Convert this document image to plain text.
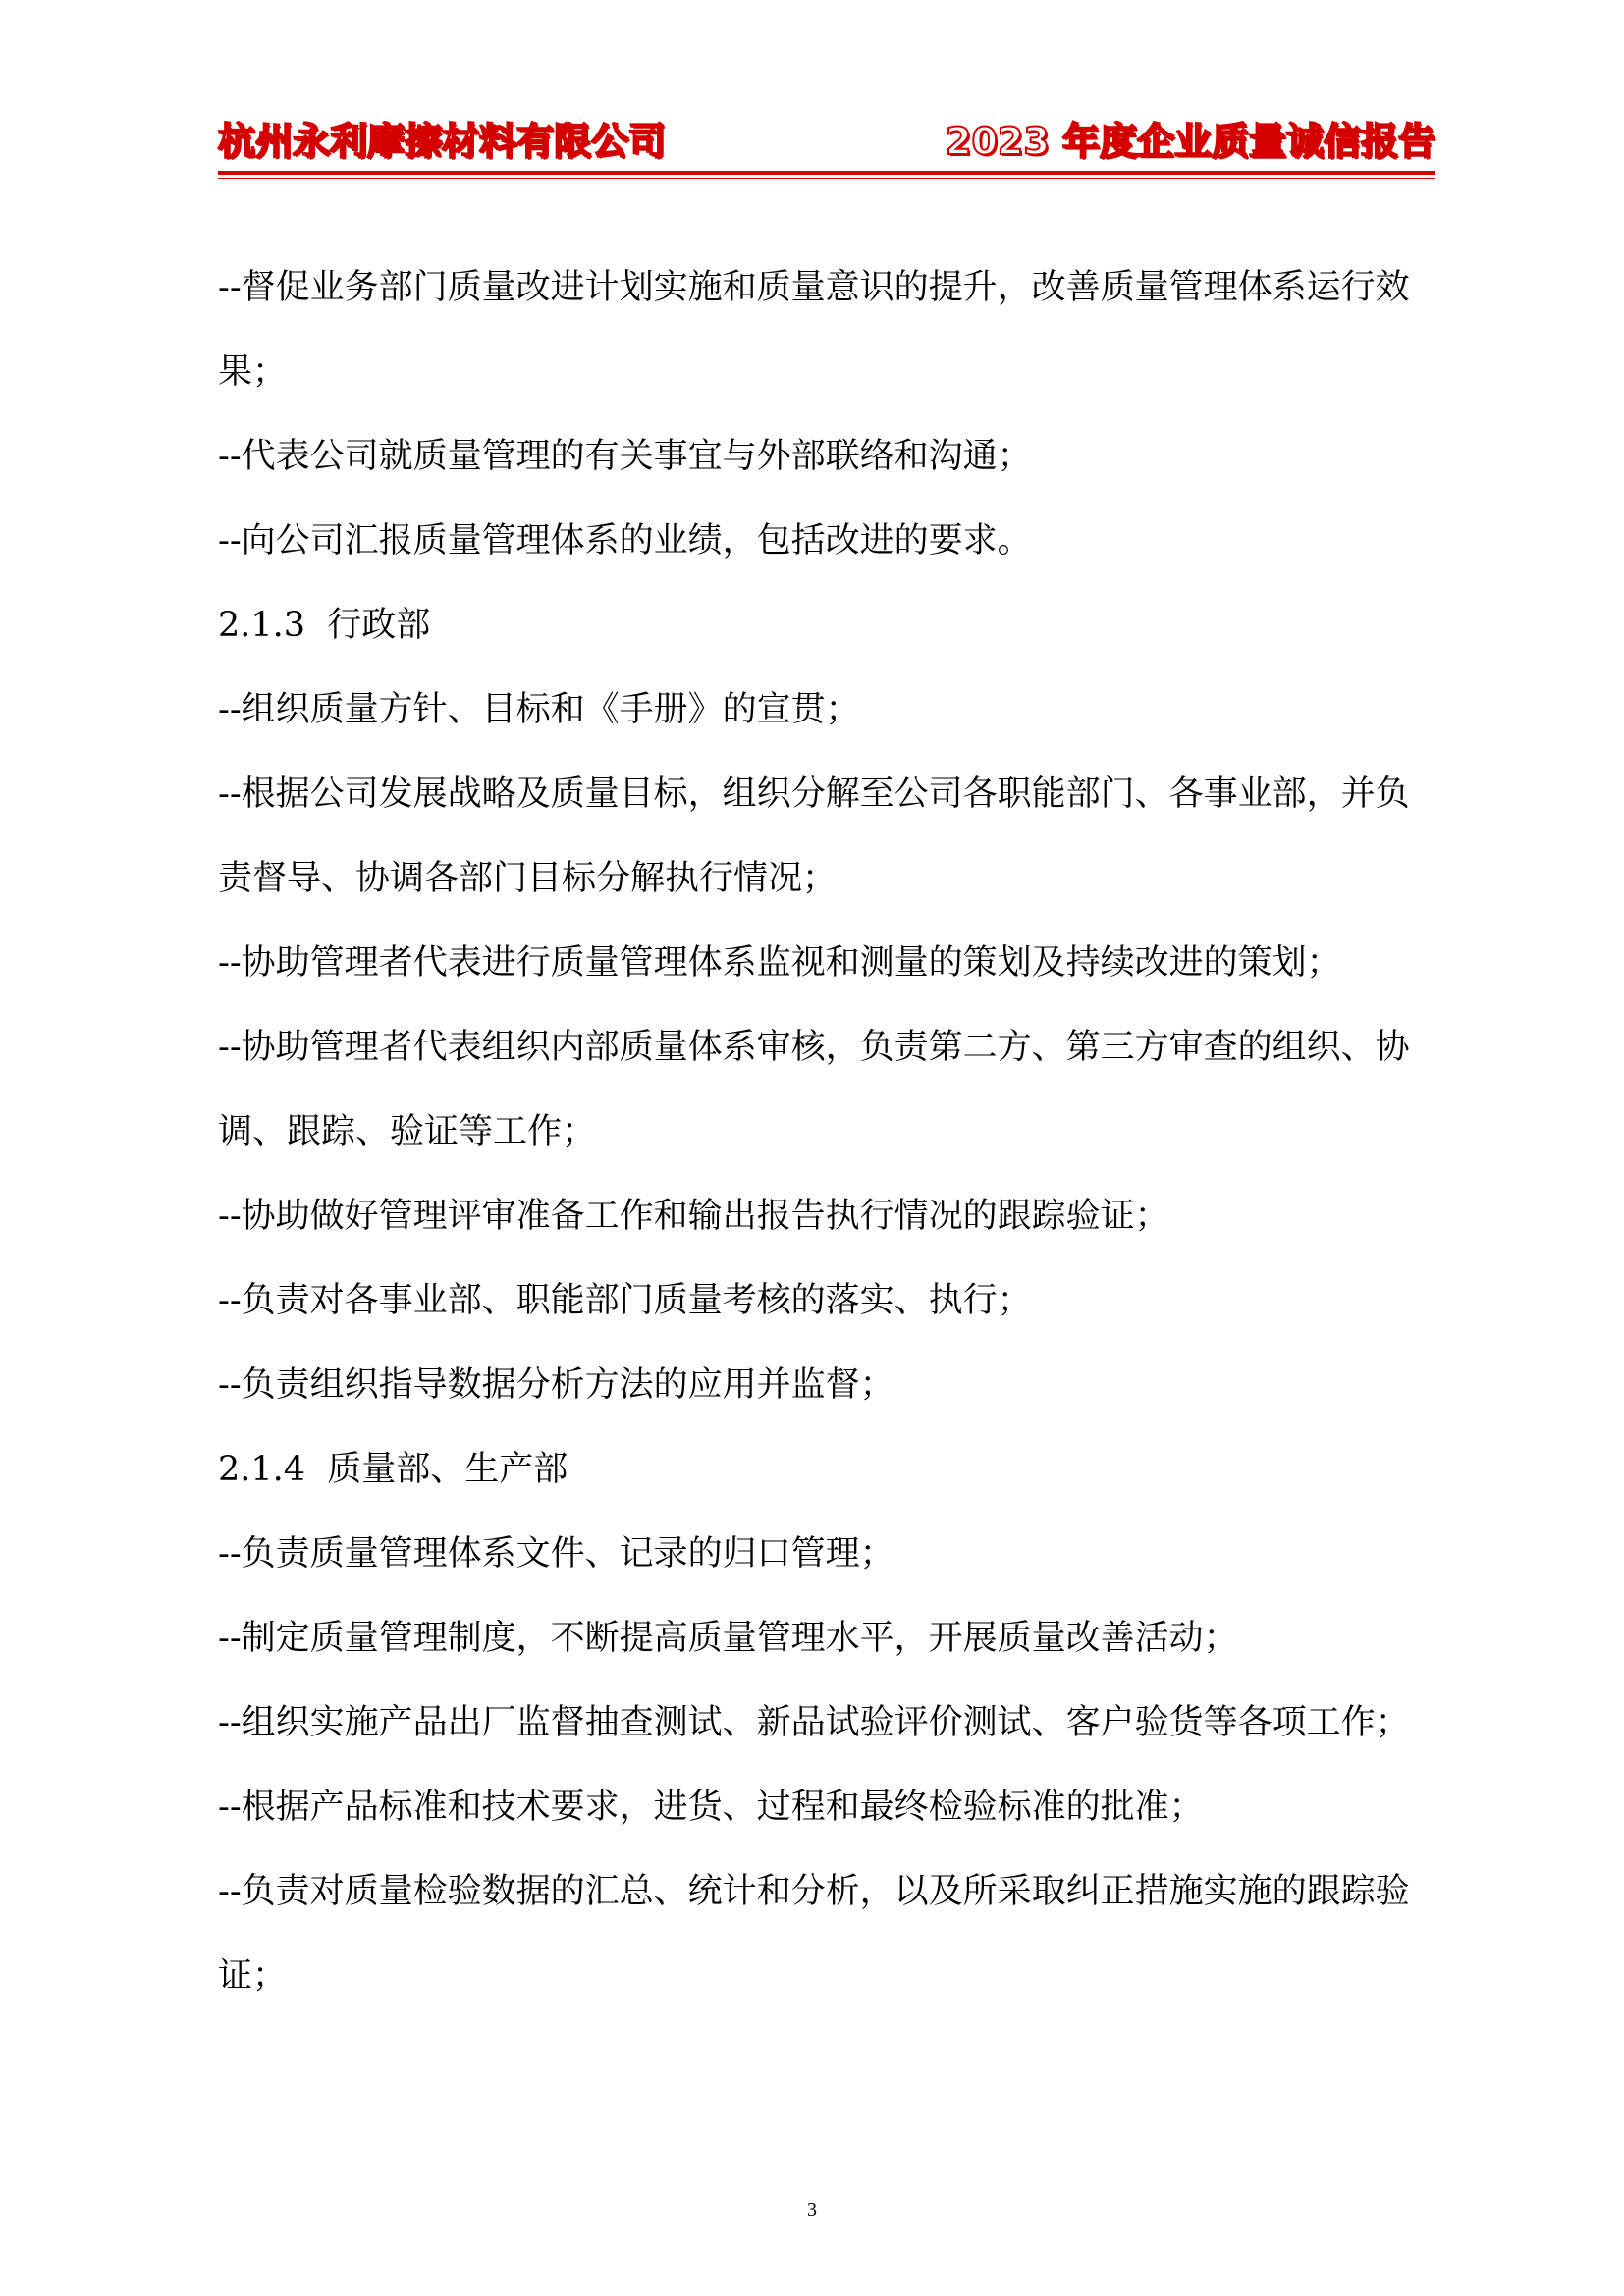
杭州永利摩擦材料有限公司	2023 年度企业质量诚信报告

--督促业务部门质量改进计划实施和质量意识的提升，改善质量管理体系运行效果；

--代表公司就质量管理的有关事宜与外部联络和沟通；

--向公司汇报质量管理体系的业绩，包括改进的要求。

2.1.3  行政部

--组织质量方针、目标和《手册》的宣贯；

--根据公司发展战略及质量目标，组织分解至公司各职能部门、各事业部，并负责督导、协调各部门目标分解执行情况；

--协助管理者代表进行质量管理体系监视和测量的策划及持续改进的策划；

--协助管理者代表组织内部质量体系审核，负责第二方、第三方审查的组织、协调、跟踪、验证等工作；

--协助做好管理评审准备工作和输出报告执行情况的跟踪验证；

--负责对各事业部、职能部门质量考核的落实、执行；

--负责组织指导数据分析方法的应用并监督；

2.1.4  质量部、生产部

--负责质量管理体系文件、记录的归口管理；

--制定质量管理制度，不断提高质量管理水平，开展质量改善活动；

--组织实施产品出厂监督抽查测试、新品试验评价测试、客户验货等各项工作；

--根据产品标准和技术要求，进货、过程和最终检验标准的批准；

--负责对质量检验数据的汇总、统计和分析，以及所采取纠正措施实施的跟踪验证；

3
